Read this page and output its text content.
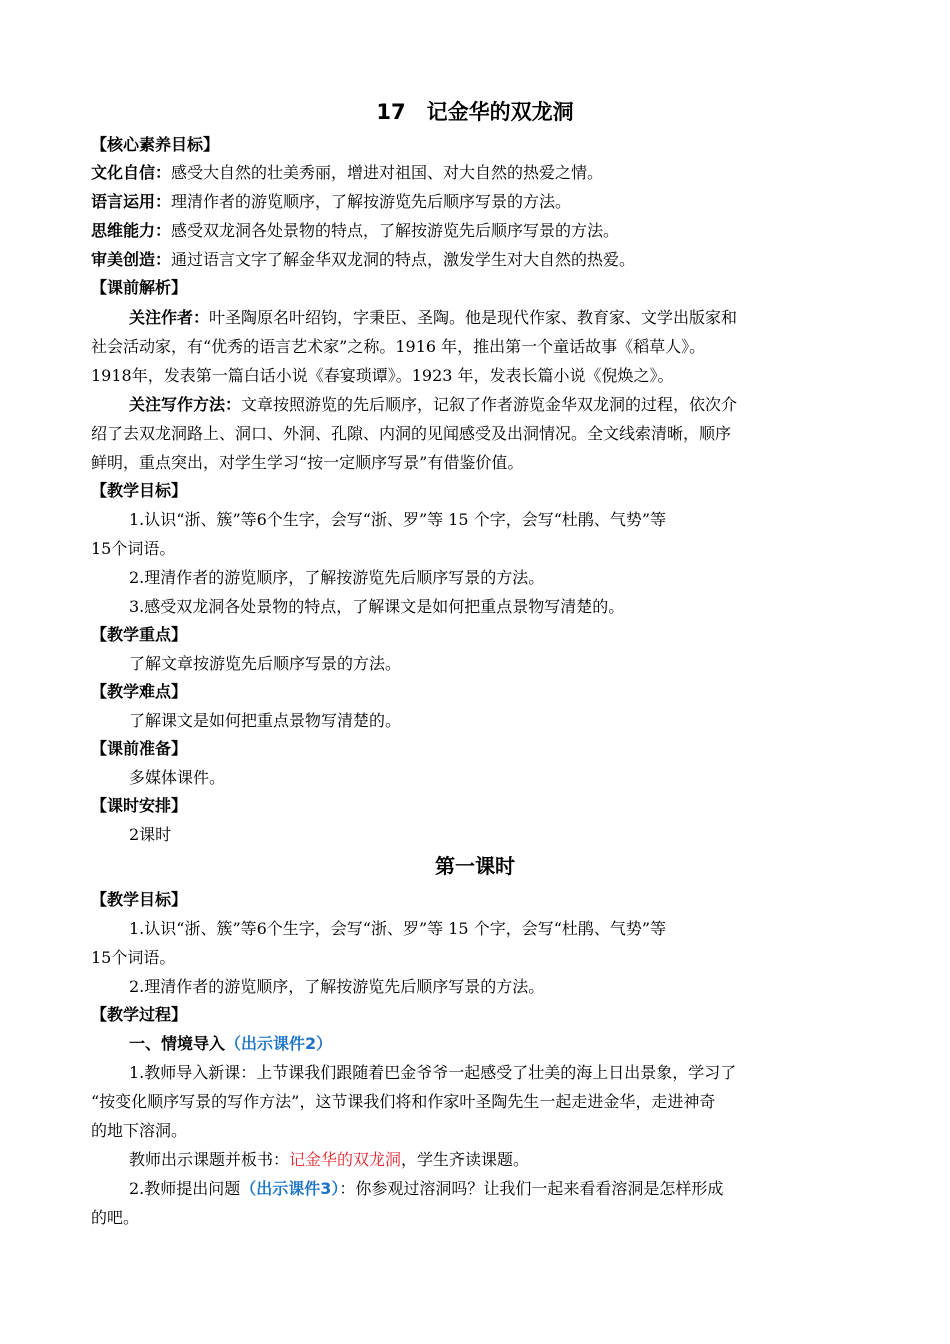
17　记金华的双龙洞
【核心素养目标】
文化自信：感受大自然的壮美秀丽，增进对祖国、对大自然的热爱之情。
语言运用：理清作者的游览顺序，了解按游览先后顺序写景的方法。
思维能力：感受双龙洞各处景物的特点，了解按游览先后顺序写景的方法。
审美创造：通过语言文字了解金华双龙洞的特点，激发学生对大自然的热爱。
【课前解析】
关注作者：叶圣陶原名叶绍钧，字秉臣、圣陶。他是现代作家、教育家、文学出版家和
社会活动家，有“优秀的语言艺术家”之称。1916 年，推出第一个童话故事《稻草人》。
1918年，发表第一篇白话小说《春宴琐谭》。1923 年，发表长篇小说《倪焕之》。
关注写作方法：文章按照游览的先后顺序，记叙了作者游览金华双龙洞的过程，依次介
绍了去双龙洞路上、洞口、外洞、孔隙、内洞的见闻感受及出洞情况。全文线索清晰，顺序
鲜明，重点突出，对学生学习“按一定顺序写景”有借鉴价值。
【教学目标】
1.认识“浙、簇”等6个生字，会写“浙、罗”等 15 个字，会写“杜鹃、气势”等
15个词语。
2.理清作者的游览顺序，了解按游览先后顺序写景的方法。
3.感受双龙洞各处景物的特点，了解课文是如何把重点景物写清楚的。
【教学重点】
了解文章按游览先后顺序写景的方法。
【教学难点】
了解课文是如何把重点景物写清楚的。
【课前准备】
多媒体课件。
【课时安排】
2课时
第一课时
【教学目标】
1.认识“浙、簇”等6个生字，会写“浙、罗”等 15 个字，会写“杜鹃、气势”等
15个词语。
2.理清作者的游览顺序，了解按游览先后顺序写景的方法。
【教学过程】
一、情境导入（出示课件2）
1.教师导入新课：上节课我们跟随着巴金爷爷一起感受了壮美的海上日出景象，学习了
“按变化顺序写景的写作方法”，这节课我们将和作家叶圣陶先生一起走进金华，走进神奇
的地下溶洞。
教师出示课题并板书：记金华的双龙洞，学生齐读课题。
2.教师提出问题（出示课件3）：你参观过溶洞吗？让我们一起来看看溶洞是怎样形成
的吧。
